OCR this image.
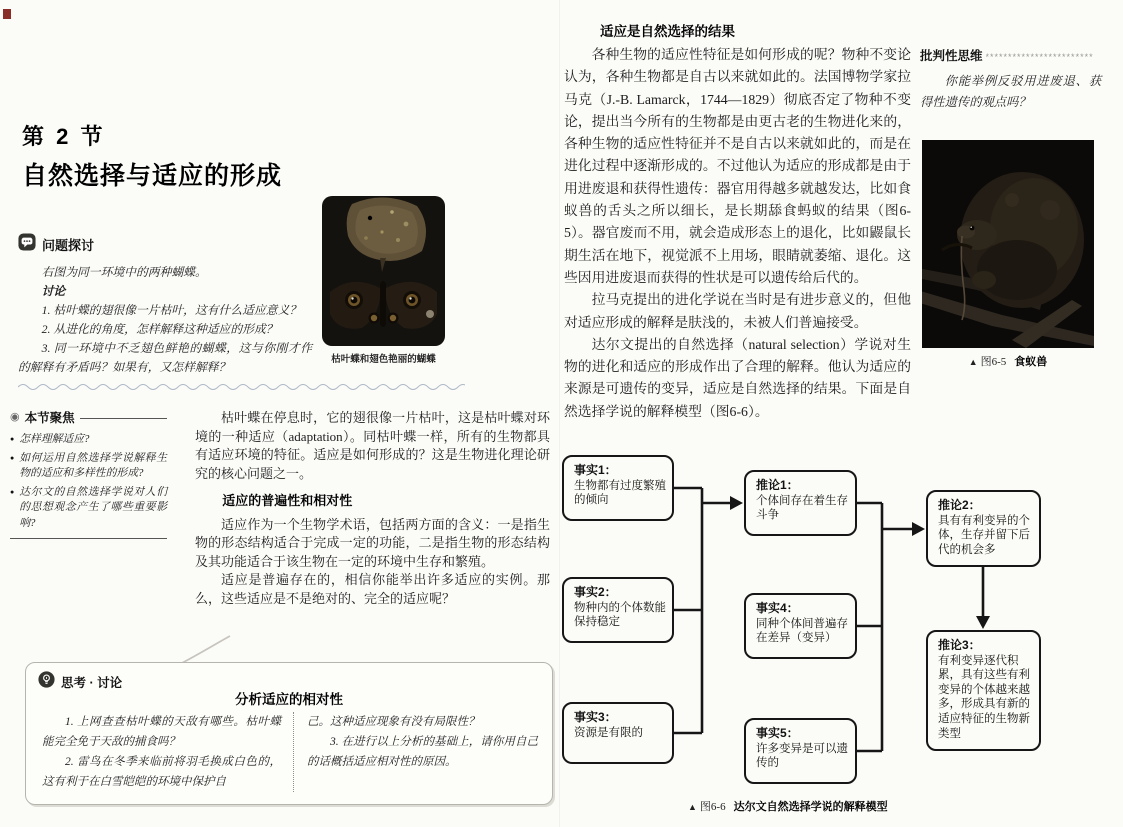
第 2 节
自然选择与适应的形成
问题探讨

右图为同一环境中的两种蝴蝶。

讨论

1. 枯叶蝶的翅很像一片枯叶，这有什么适应意义？

2. 从进化的角度，怎样解释这种适应的形成？

3. 同一环境中不乏翅色鲜艳的蝴蝶，这与你刚才作的解释有矛盾吗？如果有，又怎样解释？

枯叶蝶和翅色艳丽的蝴蝶
◉ 本节聚焦
● 怎样理解适应?
● 如何运用自然选择学说解释生物的适应和多样性的形成?
● 达尔文的自然选择学说对人们的思想观念产生了哪些重要影响?

枯叶蝶在停息时，它的翅很像一片枯叶，这是枯叶蝶对环境的一种适应（adaptation）。同枯叶蝶一样，所有的生物都具有适应环境的特征。适应是如何形成的？这是生物进化理论研究的核心问题之一。

适应的普遍性和相对性

适应作为一个生物学术语，包括两方面的含义：一是指生物的形态结构适合于完成一定的功能，二是指生物的形态结构及其功能适合于该生物在一定的环境中生存和繁殖。

适应是普遍存在的，相信你能举出许多适应的实例。那么，这些适应是不是绝对的、完全的适应呢？

思考 · 讨论
分析适应的相对性

1. 上网查查枯叶蝶的天敌有哪些。枯叶蝶能完全免于天敌的捕食吗？

2. 雷鸟在冬季来临前将羽毛换成白色的，这有利于在白雪皑皑的环境中保护自

己。这种适应现象有没有局限性？

3. 在进行以上分析的基础上，请你用自己的话概括适应相对性的原因。

适应是自然选择的结果

各种生物的适应性特征是如何形成的呢？物种不变论认为，各种生物都是自古以来就如此的。法国博物学家拉马克（J.-B. Lamarck，1744—1829）彻底否定了物种不变论，提出当今所有的生物都是由更古老的生物进化来的，各种生物的适应性特征并不是自古以来就如此的，而是在进化过程中逐渐形成的。不过他认为适应的形成都是由于用进废退和获得性遗传：器官用得越多就越发达，比如食蚁兽的舌头之所以细长，是长期舔食蚂蚁的结果（图6-5）。器官废而不用，就会造成形态上的退化，比如鼹鼠长期生活在地下，视觉派不上用场，眼睛就萎缩、退化。这些因用进废退而获得的性状是可以遗传给后代的。

拉马克提出的进化学说在当时是有进步意义的，但他对适应形成的解释是肤浅的，未被人们普遍接受。

达尔文提出的自然选择（natural selection）学说对生物的进化和适应的形成作出了合理的解释。他认为适应的来源是可遗传的变异，适应是自然选择的结果。下面是自然选择学说的解释模型（图6-6）。

批判性思维 ************************
你能举例反驳用进废退、获得性遗传的观点吗？
▲ 图6-5 食蚁兽
事实1：
生物都有过度繁殖的倾向
事实2：
物种内的个体数能保持稳定
事实3：
资源是有限的
推论1：
个体间存在着生存斗争
事实4：
同种个体间普遍存在差异（变异）
事实5：
许多变异是可以遗传的
推论2：
具有有利变异的个体，生存并留下后代的机会多
推论3：
有利变异逐代积累，具有这些有利变异的个体越来越多，形成具有新的适应特征的生物新类型
▲ 图6-6 达尔文自然选择学说的解释模型
